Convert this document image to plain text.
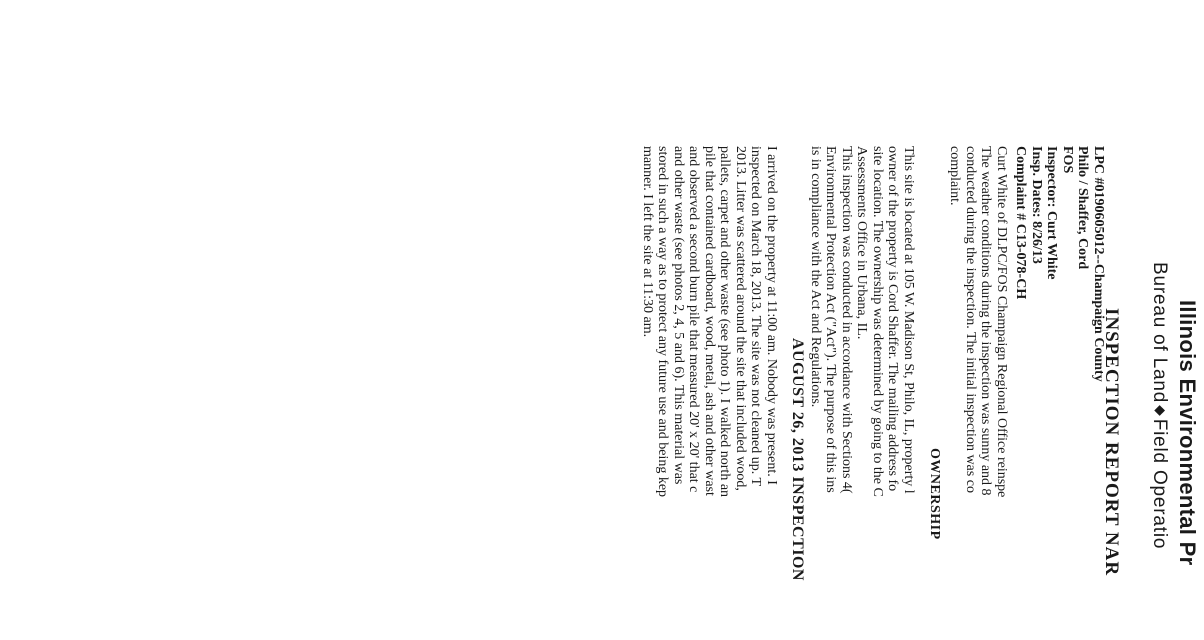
Illinois Environmental Pr
Bureau of Land◆Field Operatio
INSPECTION REPORT NAR
LPC #0190605012--Champaign County
Philo / Shaffer, Cord
FOS
Inspector: Curt White
Insp. Dates: 8/26/13
Complaint # C13-078-CH
Curt White of DLPC/FOS Champaign Regional Office reinspe
The weather conditions during the inspection was sunny and 8
conducted during the inspection. The initial inspection was co
complaint.
OWNERSHIP
This site is located at 105 W. Madison St, Philo, IL, property l
owner of the property is Cord Shaffer. The mailing address fo
site location. The ownership was determined by going to the C
Assessments Office in Urbana, IL.
This inspection was conducted in accordance with Sections 4(
Environmental Protection Act ("Act"). The purpose of this ins
is in compliance with the Act and Regulations.
AUGUST 26, 2013 INSPECTION
I arrived on the property at 11:00 am. Nobody was present. I
inspected on March 18, 2013. The site was not cleaned up. T
2013. Litter was scattered around the site that included wood,
pallets, carpet and other waste (see photo 1). I walked north an
pile that contained cardboard, wood, metal, ash and other wast
and observed a second burn pile that measured 20' x 20' that c
and other waste (see photos 2, 4, 5 and 6). This material was
stored in such a way as to protect any future use and being kep
manner. I left the site at 11:30 am.
